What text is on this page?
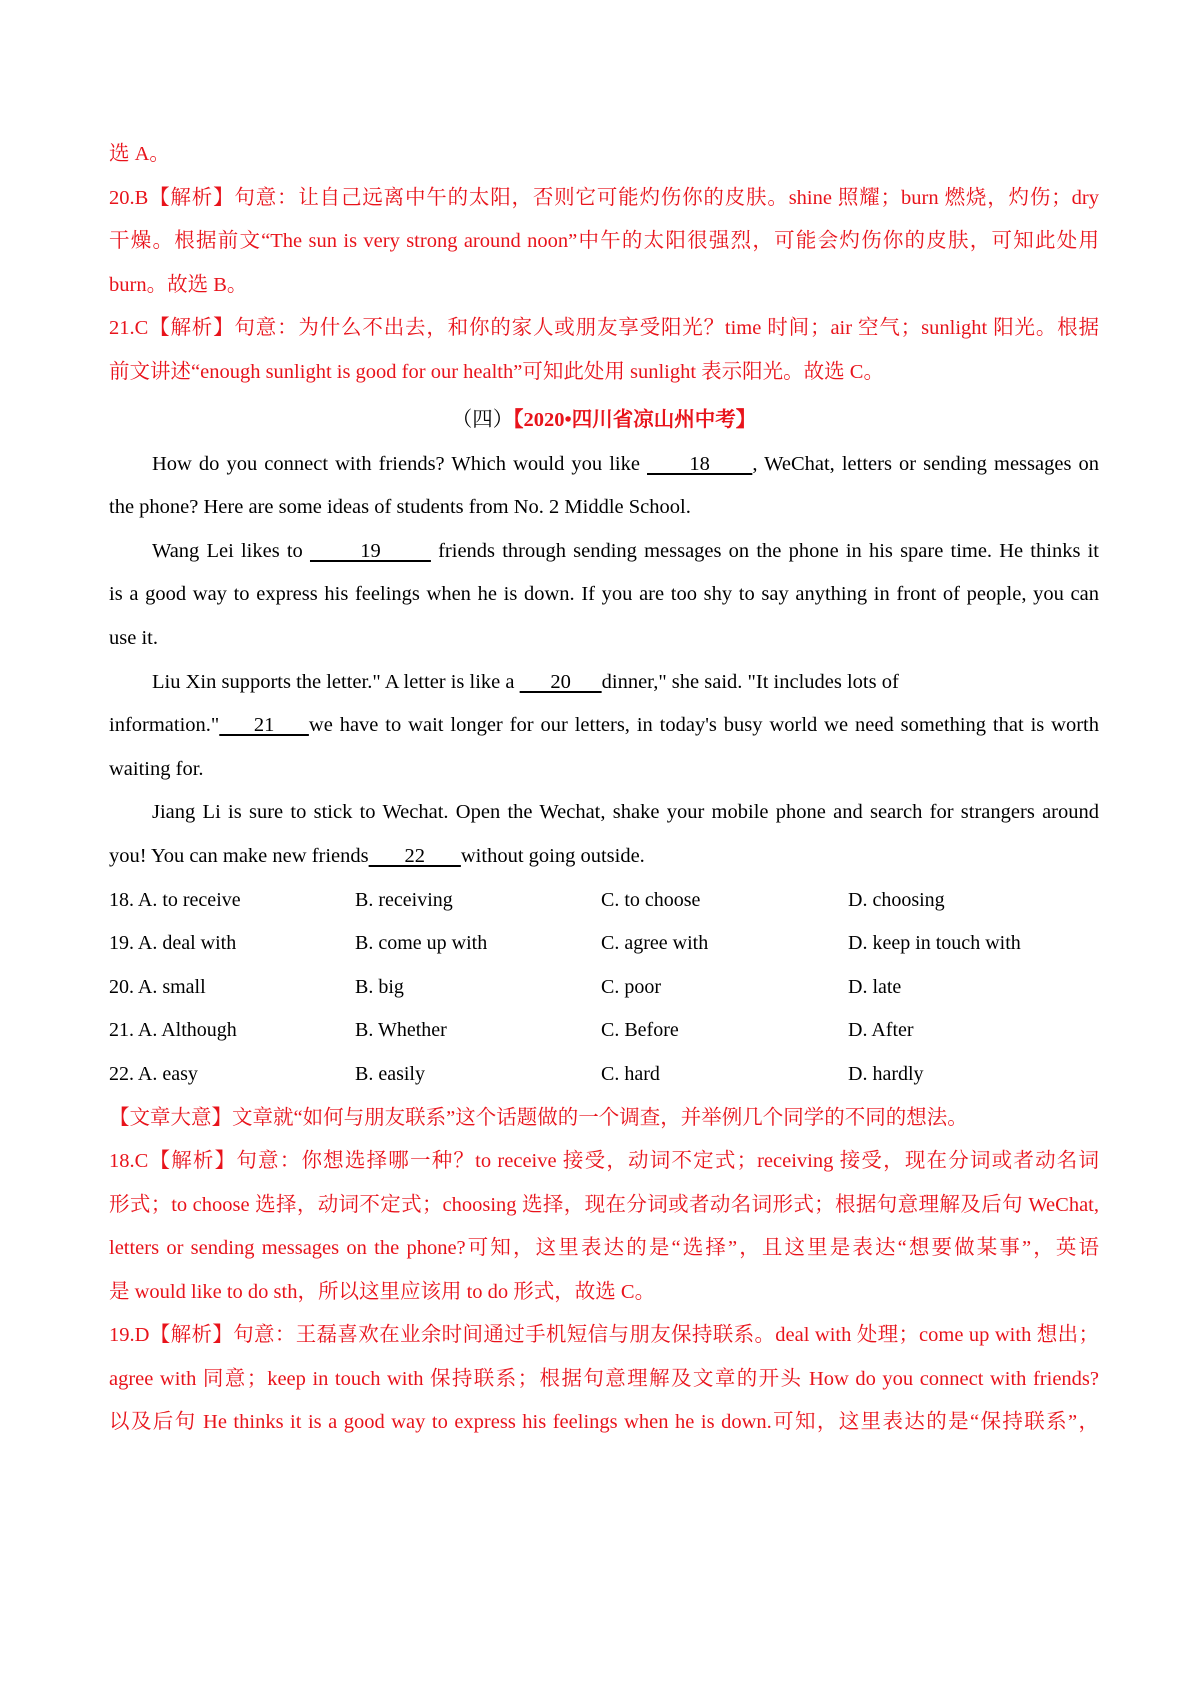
选 A。
20.B【解析】句意：让自己远离中午的太阳，否则它可能灼伤你的皮肤。shine 照耀；burn 燃烧，灼伤；dry
干燥。根据前文“The sun is very strong around noon”中午的太阳很强烈，可能会灼伤你的皮肤，可知此处用
burn。故选 B。
21.C【解析】句意：为什么不出去，和你的家人或朋友享受阳光？time 时间；air 空气；sunlight 阳光。根据
前文讲述“enough sunlight is good for our health”可知此处用 sunlight 表示阳光。故选 C。
（四）【2020•四川省凉山州中考】
How do you connect with friends? Which would you like       18      , WeChat, letters or sending messages on
the phone? Here are some ideas of students from No. 2 Middle School.
Wang Lei likes to        19        friends through sending messages on the phone in his spare time. He thinks it
is a good way to express his feelings when he is down. If you are too shy to say anything in front of people, you can
use it.
Liu Xin supports the letter." A letter is like a       20      dinner," she said. "It includes lots of
information."     21     we have to wait longer for our letters, in today's busy world we need something that is worth
waiting for.
Jiang Li is sure to stick to Wechat. Open the Wechat, shake your mobile phone and search for strangers around
you! You can make new friends       22       without going outside.
18. A. to receive	B. receiving	C. to choose	D. choosing
19. A. deal with	B. come up with	C. agree with	D. keep in touch with
20. A. small	B. big	C. poor	D. late
21. A. Although	B. Whether	C. Before	D. After
22. A. easy	B. easily	C. hard	D. hardly
【文章大意】文章就“如何与朋友联系”这个话题做的一个调查，并举例几个同学的不同的想法。
18.C【解析】句意：你想选择哪一种？to receive 接受，动词不定式；receiving 接受，现在分词或者动名词
形式；to choose 选择，动词不定式；choosing 选择，现在分词或者动名词形式；根据句意理解及后句 WeChat,
letters or sending messages on the phone?可知，这里表达的是“选择”，且这里是表达“想要做某事”，英语
是 would like to do sth，所以这里应该用 to do 形式，故选 C。
19.D【解析】句意：王磊喜欢在业余时间通过手机短信与朋友保持联系。deal with 处理；come up with 想出；
agree with 同意；keep in touch with 保持联系；根据句意理解及文章的开头 How do you connect with friends?
以及后句 He thinks it is a good way to express his feelings when he is down.可知，这里表达的是“保持联系”，
